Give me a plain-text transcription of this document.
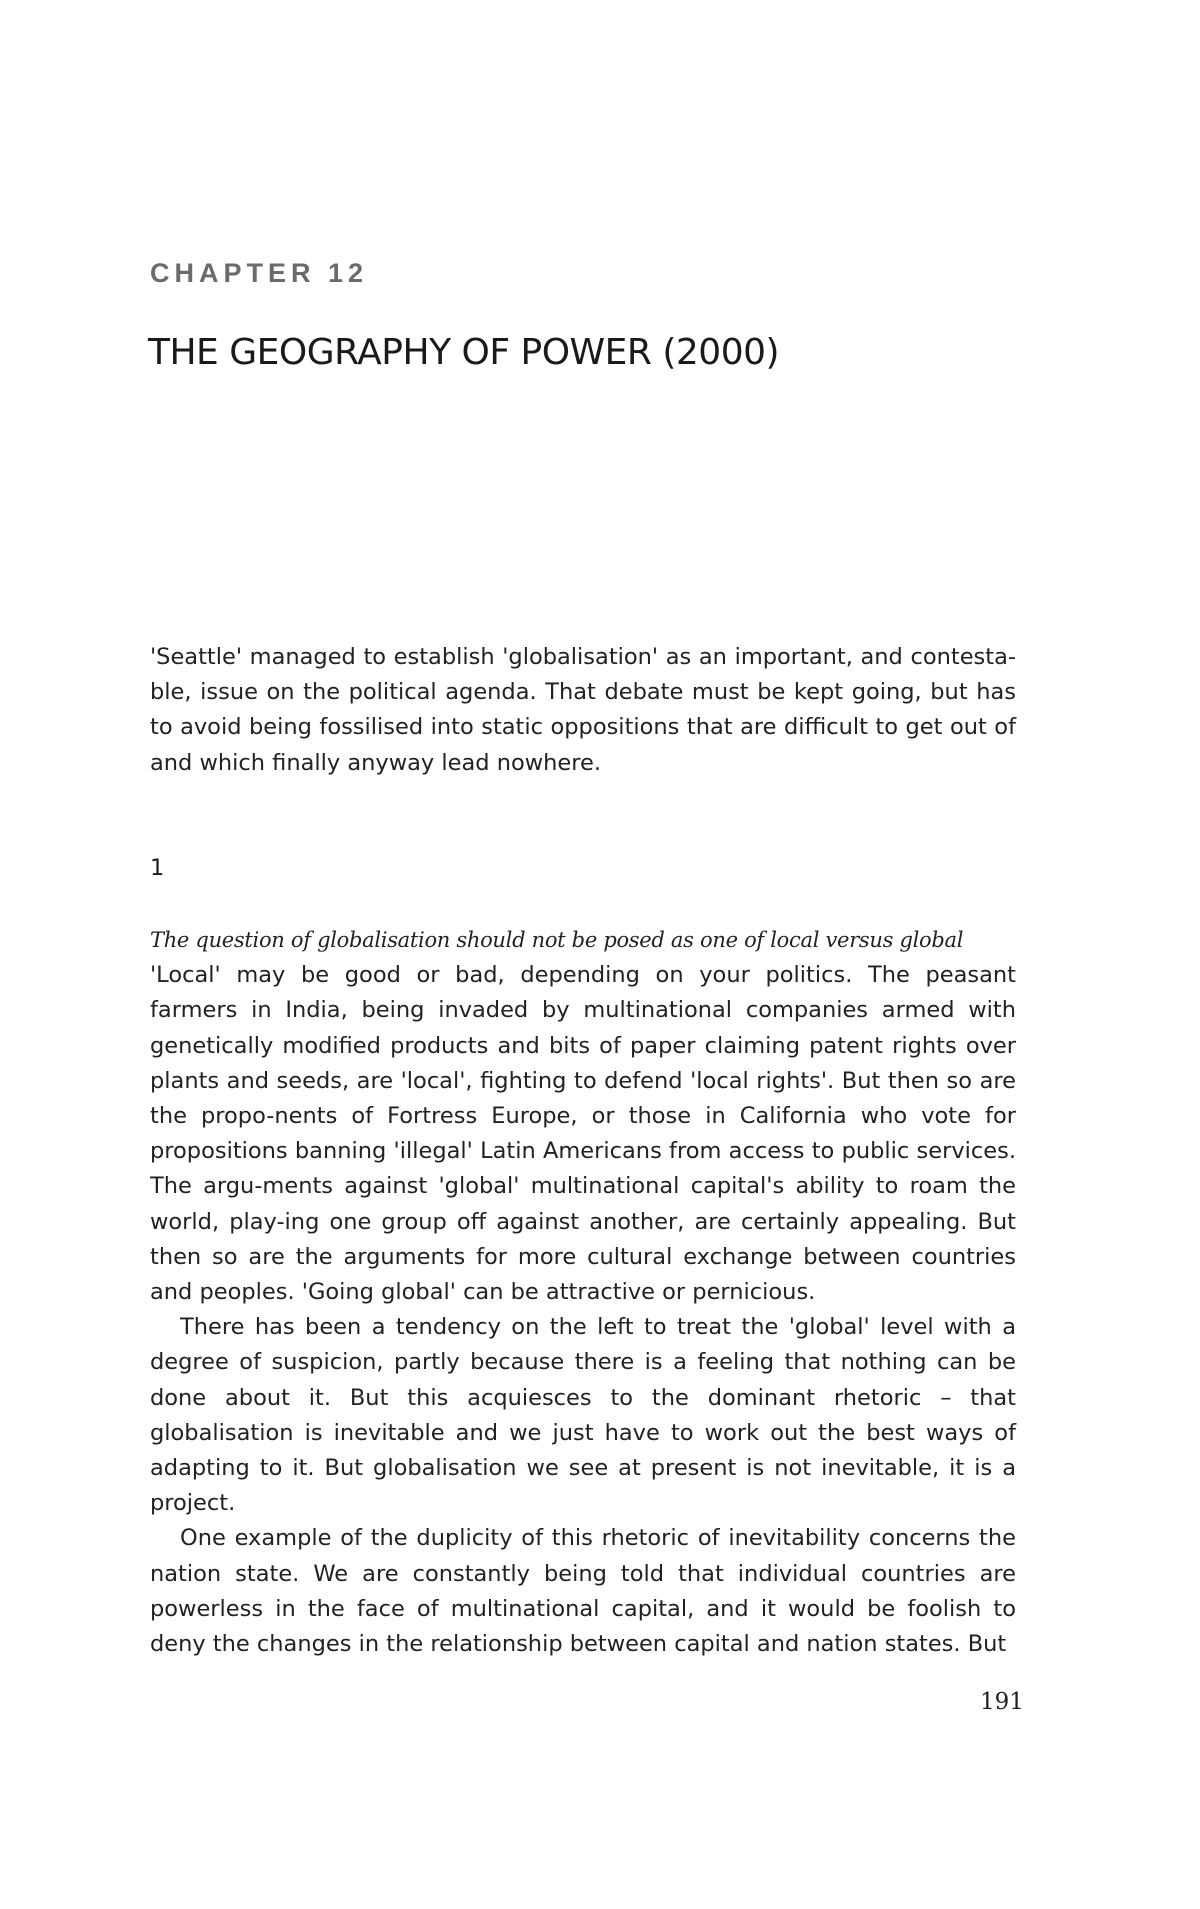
CHAPTER 12
THE GEOGRAPHY OF POWER (2000)

'Seattle' managed to establish 'globalisation' as an important, and contesta-ble, issue on the political agenda. That debate must be kept going, but has to avoid being fossilised into static oppositions that are difficult to get out of and which finally anyway lead nowhere.

1

The question of globalisation should not be posed as one of local versus global

'Local' may be good or bad, depending on your politics. The peasant farmers in India, being invaded by multinational companies armed with genetically modified products and bits of paper claiming patent rights over plants and seeds, are 'local', fighting to defend 'local rights'. But then so are the propo-nents of Fortress Europe, or those in California who vote for propositions banning 'illegal' Latin Americans from access to public services. The argu-ments against 'global' multinational capital's ability to roam the world, play-ing one group off against another, are certainly appealing. But then so are the arguments for more cultural exchange between countries and peoples. 'Going global' can be attractive or pernicious.

There has been a tendency on the left to treat the 'global' level with a degree of suspicion, partly because there is a feeling that nothing can be done about it. But this acquiesces to the dominant rhetoric – that globalisation is inevitable and we just have to work out the best ways of adapting to it. But globalisation we see at present is not inevitable, it is a project.

One example of the duplicity of this rhetoric of inevitability concerns the nation state. We are constantly being told that individual countries are powerless in the face of multinational capital, and it would be foolish to deny the changes in the relationship between capital and nation states. But

191
